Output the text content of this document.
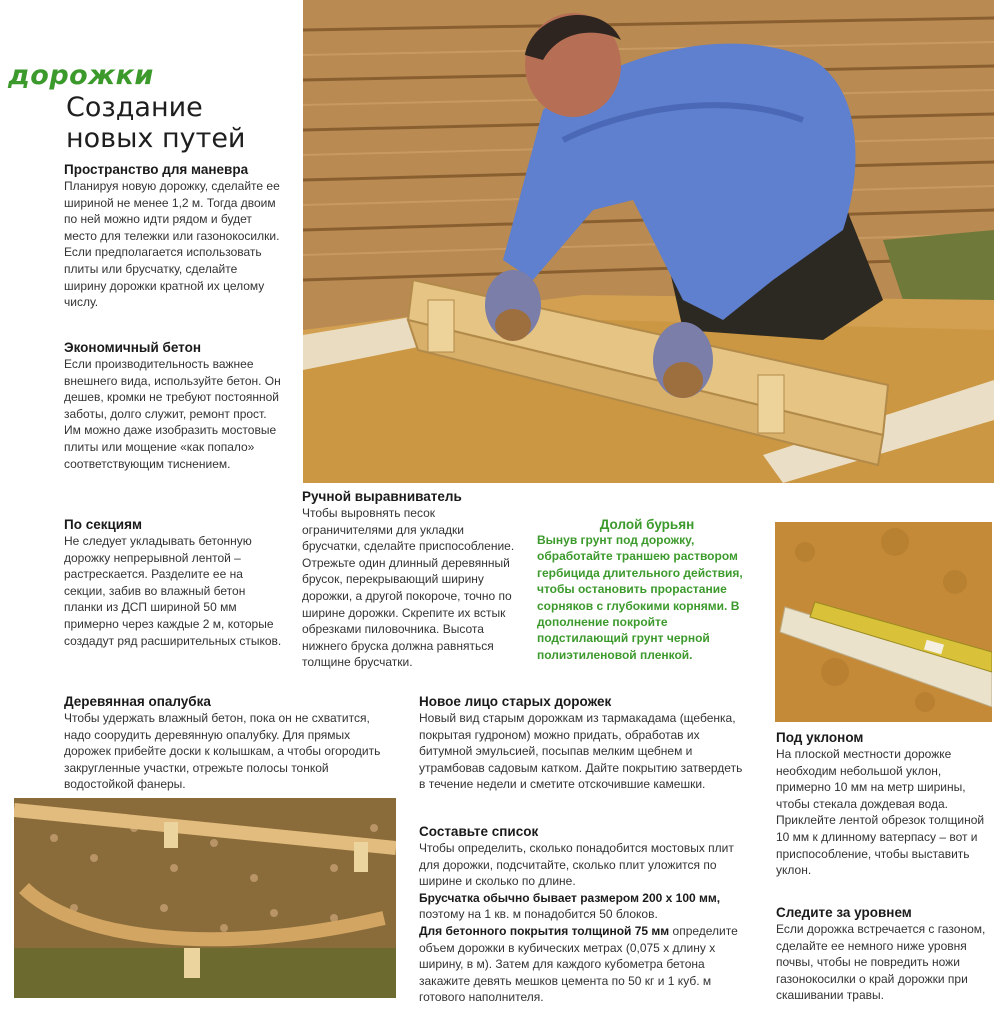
дорожки
Создание
новых путей
Пространство для маневра
Планируя новую дорожку, сделайте ее шириной не менее 1,2 м. Тогда двоим по ней можно идти рядом и будет место для тележки или газонокосилки. Если предполагается использовать плиты или брусчатку, сделайте ширину дорожки кратной их целому числу.
Экономичный бетон
Если производительность важнее внешнего вида, используйте бетон. Он дешев, кромки не требуют постоянной заботы, долго служит, ремонт прост. Им можно даже изобразить мостовые плиты или мощение «как попало» соответствующим тиснением.
По секциям
Не следует укладывать бетонную дорожку непрерывной лентой – растрескается. Разделите ее на секции, забив во влажный бетон планки из ДСП шириной 50 мм примерно через каждые 2 м, которые создадут ряд расширительных стыков.
Ручной выравниватель
Чтобы выровнять песок ограничителями для укладки брусчатки, сделайте приспособление. Отрежьте один длинный деревянный брусок, перекрывающий ширину дорожки, а другой покороче, точно по ширине дорожки. Скрепите их встык обрезками пиловочника. Высота нижнего бруска должна равняться толщине брусчатки.
Долой бурьян
Вынув грунт под дорожку, обработайте траншею раствором гербицида длительного действия, чтобы остановить прорастание сорняков с глубокими корнями. В дополнение покройте подстилающий грунт черной полиэтиленовой пленкой.
Деревянная опалубка
Чтобы удержать влажный бетон, пока он не схватится, надо соорудить деревянную опалубку. Для прямых дорожек прибейте доски к колышкам, а чтобы огородить закругленные участки, отрежьте полосы тонкой водостойкой фанеры.
Новое лицо старых дорожек
Новый вид старым дорожкам из тармакадама (щебенка, покрытая гудроном) можно придать, обработав их битумной эмульсией, посыпав мелким щебнем и утрамбовав садовым катком. Дайте покрытию затвердеть в течение недели и сметите отскочившие камешки.
Составьте список
Чтобы определить, сколько понадобится мостовых плит для дорожки, подсчитайте, сколько плит уложится по ширине и сколько по длине.
Брусчатка обычно бывает размером 200 х 100 мм, поэтому на 1 кв. м понадобится 50 блоков.
Для бетонного покрытия толщиной 75 мм определите объем дорожки в кубических метрах (0,075 х длину х ширину, в м). Затем для каждого кубометра бетона закажите девять мешков цемента по 50 кг и 1 куб. м готового наполнителя.
Под уклоном
На плоской местности дорожке необходим небольшой уклон, примерно 10 мм на метр ширины, чтобы стекала дождевая вода. Приклейте лентой обрезок толщиной 10 мм к длинному ватерпасу – вот и приспособление, чтобы выставить уклон.
Следите за уровнем
Если дорожка встречается с газоном, сделайте ее немного ниже уровня почвы, чтобы не повредить ножи газонокосилки о край дорожки при скашивании травы.
